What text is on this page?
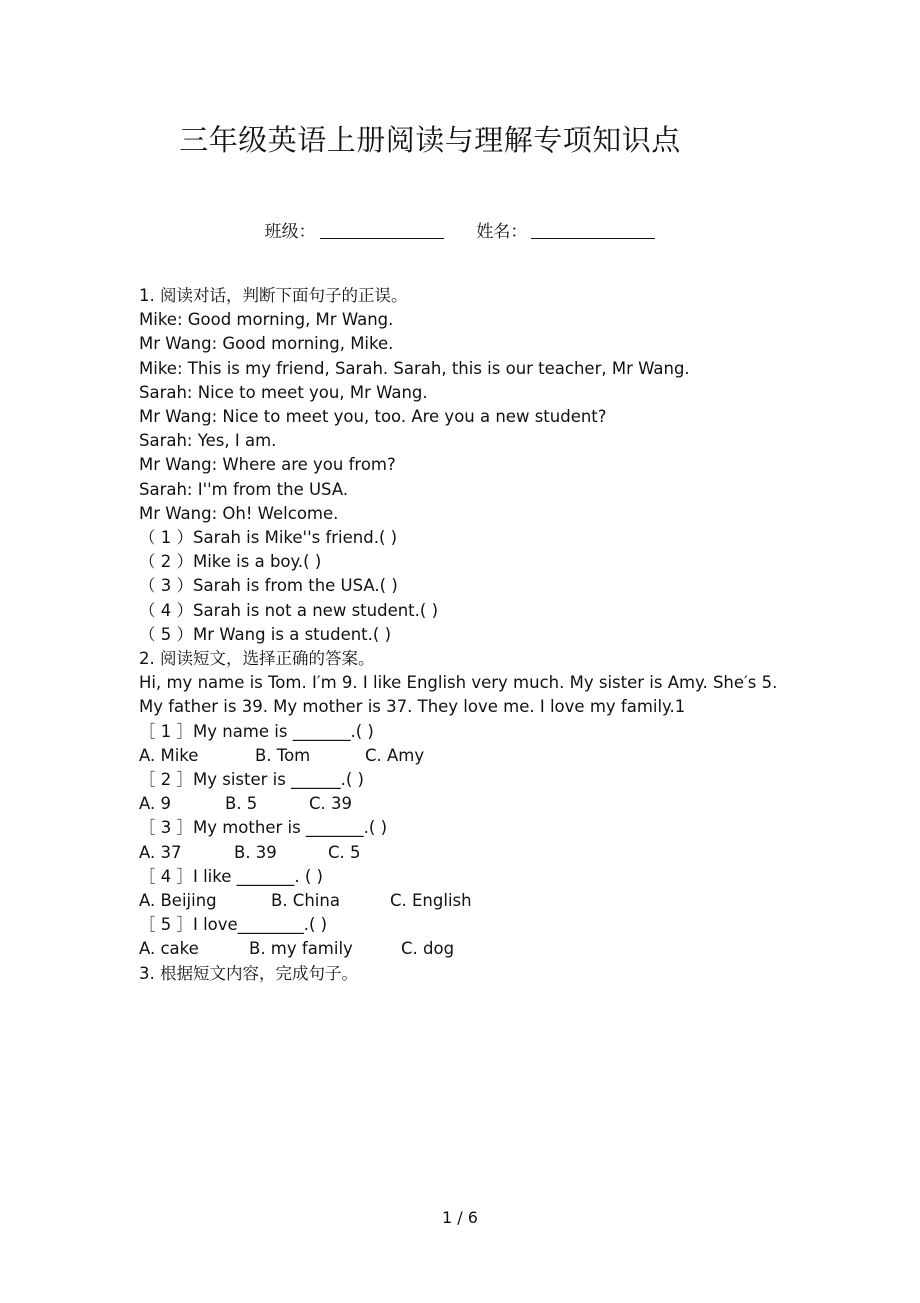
三年级英语上册阅读与理解专项知识点
班级：	姓名：

1. 阅读对话，判断下面句子的正误。

Mike: Good morning, Mr Wang.

Mr Wang: Good morning, Mike.

Mike: This is my friend, Sarah. Sarah, this is our teacher, Mr Wang.

Sarah: Nice to meet you, Mr Wang.

Mr Wang: Nice to meet you, too. Are you a new student?

Sarah: Yes, I am.

Mr Wang: Where are you from?

Sarah: I''m from the USA.

Mr Wang: Oh! Welcome.

（ 1 ）Sarah is Mike''s friend.( )

（ 2 ）Mike is a boy.( )

（ 3 ）Sarah is from the USA.( )

（ 4 ）Sarah is not a new student.( )

（ 5 ）Mr Wang is a student.( )

2. 阅读短文，选择正确的答案。

Hi, my name is Tom. I′m 9. I like English very much. My sister is Amy. She′s 5. My father is 39. My mother is 37. They love me. I love my family.1

［ 1 ］My name is _______.( )

A. Mike	B. Tom	C. Amy

［ 2 ］My sister is ______.( )

A. 9	B. 5	C. 39

［ 3 ］My mother is _______.( )

A. 37	B. 39	C. 5

［ 4 ］I like _______. ( )

A. Beijing	B. China	C. English

［ 5 ］I love________.( )

A. cake	B. my family	C. dog

3. 根据短文内容，完成句子。

1 / 6
